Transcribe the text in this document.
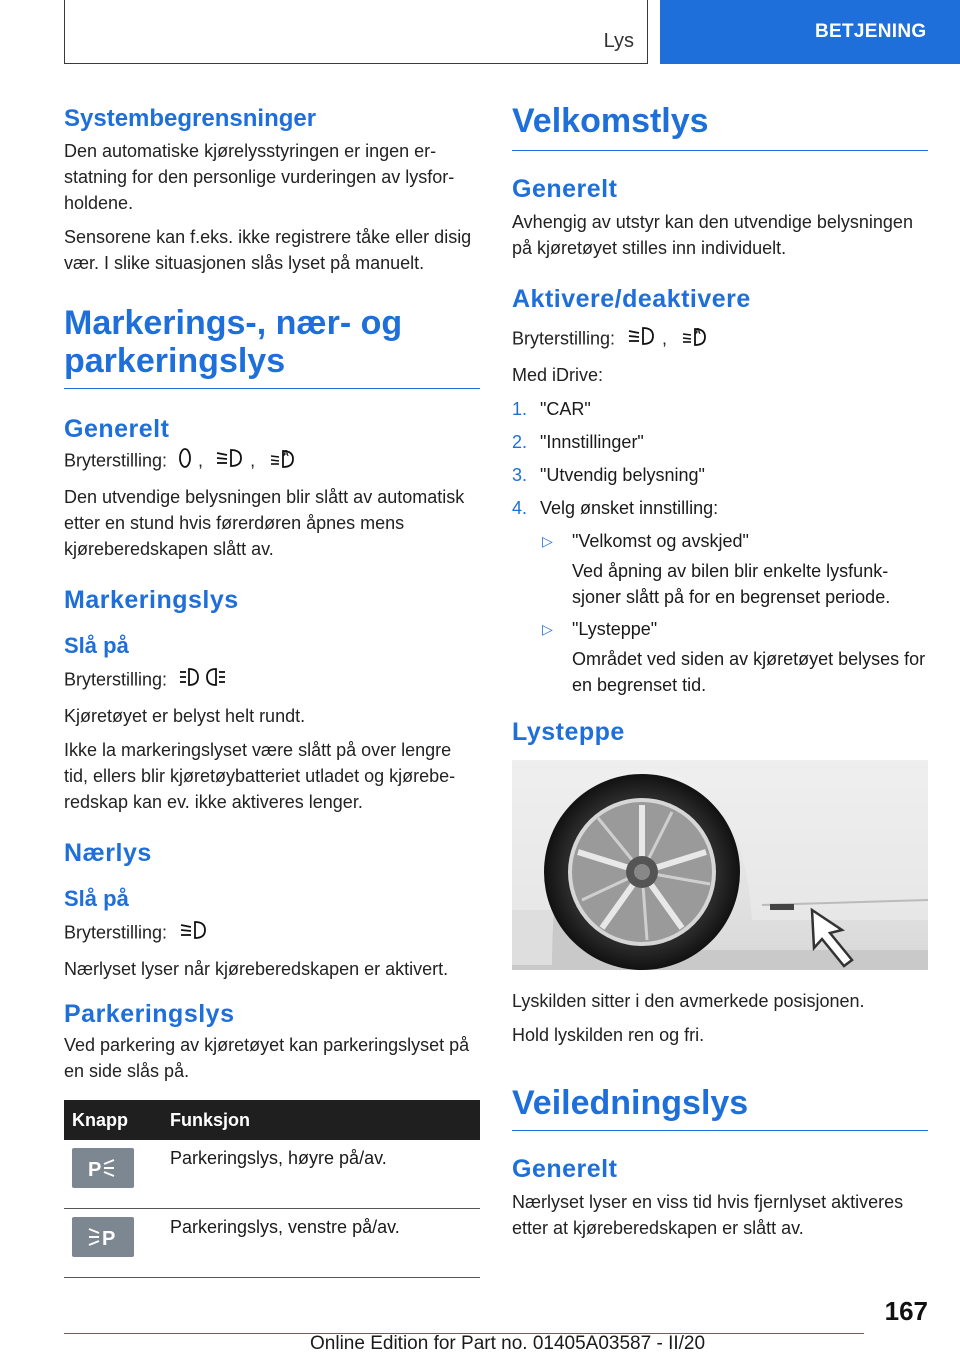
Lys	BETJENING
Systembegrensninger

Den automatiske kjørelysstyringen er ingen erstatning for den personlige vurderingen av lysforholdene.

Sensorene kan f.eks. ikke registrere tåke eller disig vær. I slike situasjonen slås lyset på manuelt.

Markerings-, nær- og parkeringslys
Generelt

Bryterstilling: , ,	A

Den utvendige belysningen blir slått av automatisk etter en stund hvis førerdøren åpnes mens kjøreberedskapen slått av.

Markeringslys
Slå på

Bryterstilling:

Kjøretøyet er belyst helt rundt.

Ikke la markeringslyset være slått på over lengre tid, ellers blir kjøretøybatteriet utladet og kjøreberedskap kan ev. ikke aktiveres lenger.

Nærlys
Slå på

Bryterstilling:

Nærlyset lyser når kjøreberedskapen er aktivert.

Parkeringslys

Ved parkering av kjøretøyet kan parkeringslyset på en side slås på.

Knapp	Funksjon

P	Parkeringslys, høyre på/av.

P	Parkeringslys, venstre på/av.
Velkomstlys
Generelt

Avhengig av utstyr kan den utvendige belysningen på kjøretøyet stilles inn individuelt.

Aktivere/deaktivere

Bryterstilling:	,	A

Med iDrive:

1. "CAR"
2. "Innstillinger"
3. "Utvendig belysning"
4. Velg ønsket innstilling:
▷	"Velkomst og avskjed"
Ved åpning av bilen blir enkelte lysfunksjoner slått på for en begrenset periode.
▷	"Lysteppe"
Området ved siden av kjøretøyet belyses for en begrenset tid.
Lysteppe

Lyskilden sitter i den avmerkede posisjonen.

Hold lyskilden ren og fri.

Veiledningslys
Generelt

Nærlyset lyser en viss tid hvis fjernlyset aktiveres etter at kjøreberedskapen er slått av.

167
Online Edition for Part no. 01405A03587 - II/20
